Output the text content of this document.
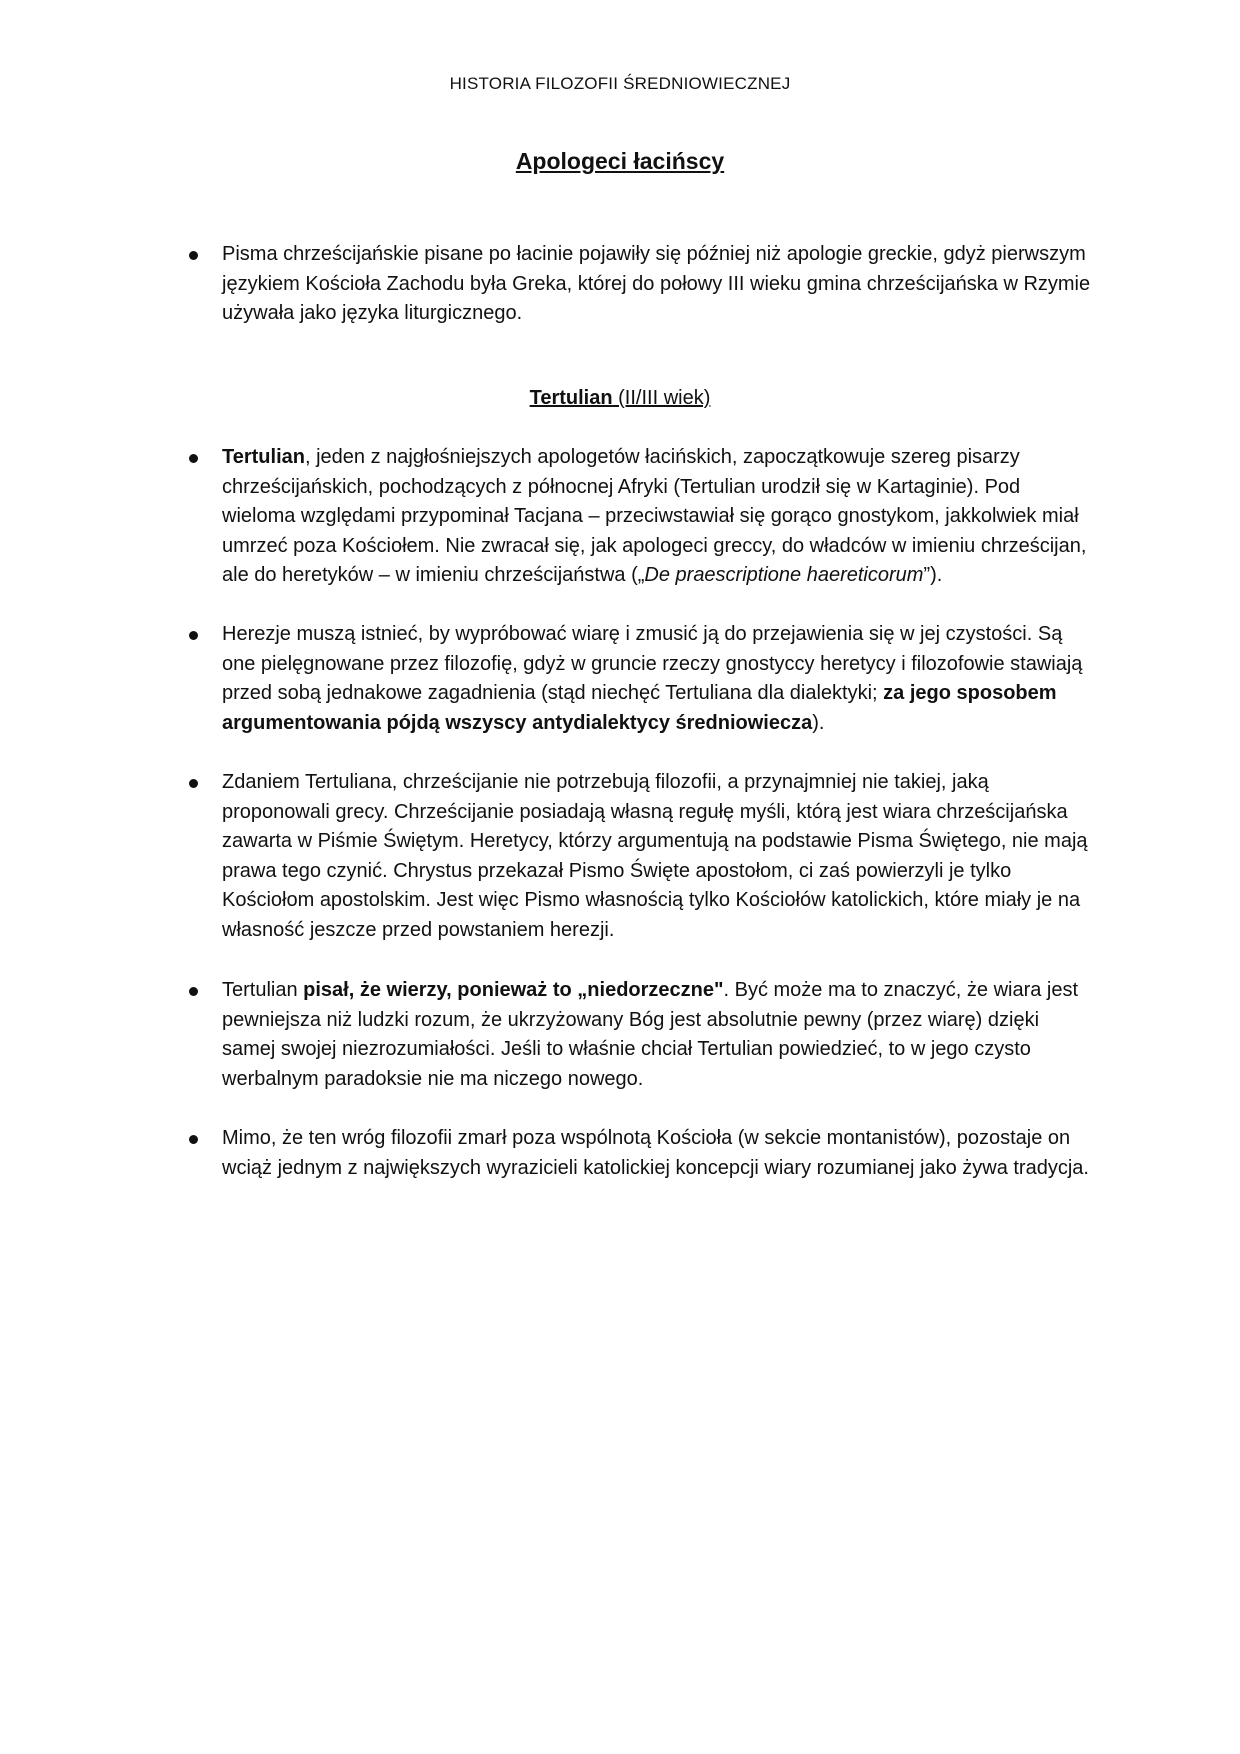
HISTORIA FILOZOFII ŚREDNIOWIECZNEJ
Apologeci łacińscy

Pisma chrześcijańskie pisane po łacinie pojawiły się później niż apologie greckie, gdyż pierwszym językiem Kościoła Zachodu była Greka, której do połowy III wieku gmina chrześcijańska w Rzymie używała jako języka liturgicznego.

Tertulian (II/III wiek)

Tertulian, jeden z najgłośniejszych apologetów łacińskich, zapoczątkowuje szereg pisarzy chrześcijańskich, pochodzących z północnej Afryki (Tertulian urodził się w Kartaginie). Pod wieloma względami przypominał Tacjana – przeciwstawiał się gorąco gnostykom, jakkolwiek miał umrzeć poza Kościołem. Nie zwracał się, jak apologeci greccy, do władców w imieniu chrześcijan, ale do heretyków – w imieniu chrześcijaństwa („De praescriptione haereticorum”).

Herezje muszą istnieć, by wypróbować wiarę i zmusić ją do przejawienia się w jej czystości. Są one pielęgnowane przez filozofię, gdyż w gruncie rzeczy gnostyccy heretycy i filozofowie stawiają przed sobą jednakowe zagadnienia (stąd niechęć Tertuliana dla dialektyki; za jego sposobem argumentowania pójdą wszyscy antydialektycy średniowiecza).

Zdaniem Tertuliana, chrześcijanie nie potrzebują filozofii, a przynajmniej nie takiej, jaką proponowali grecy. Chrześcijanie posiadają własną regułę myśli, którą jest wiara chrześcijańska zawarta w Piśmie Świętym. Heretycy, którzy argumentują na podstawie Pisma Świętego, nie mają prawa tego czynić. Chrystus przekazał Pismo Święte apostołom, ci zaś powierzyli je tylko Kościołom apostolskim. Jest więc Pismo własnością tylko Kościołów katolickich, które miały je na własność jeszcze przed powstaniem herezji.

Tertulian pisał, że wierzy, ponieważ to „niedorzeczne". Być może ma to znaczyć, że wiara jest pewniejsza niż ludzki rozum, że ukrzyżowany Bóg jest absolutnie pewny (przez wiarę) dzięki samej swojej niezrozumiałości. Jeśli to właśnie chciał Tertulian powiedzieć, to w jego czysto werbalnym paradoksie nie ma niczego nowego.

Mimo, że ten wróg filozofii zmarł poza wspólnotą Kościoła (w sekcie montanistów), pozostaje on wciąż jednym z największych wyrazicieli katolickiej koncepcji wiary rozumianej jako żywa tradycja.
